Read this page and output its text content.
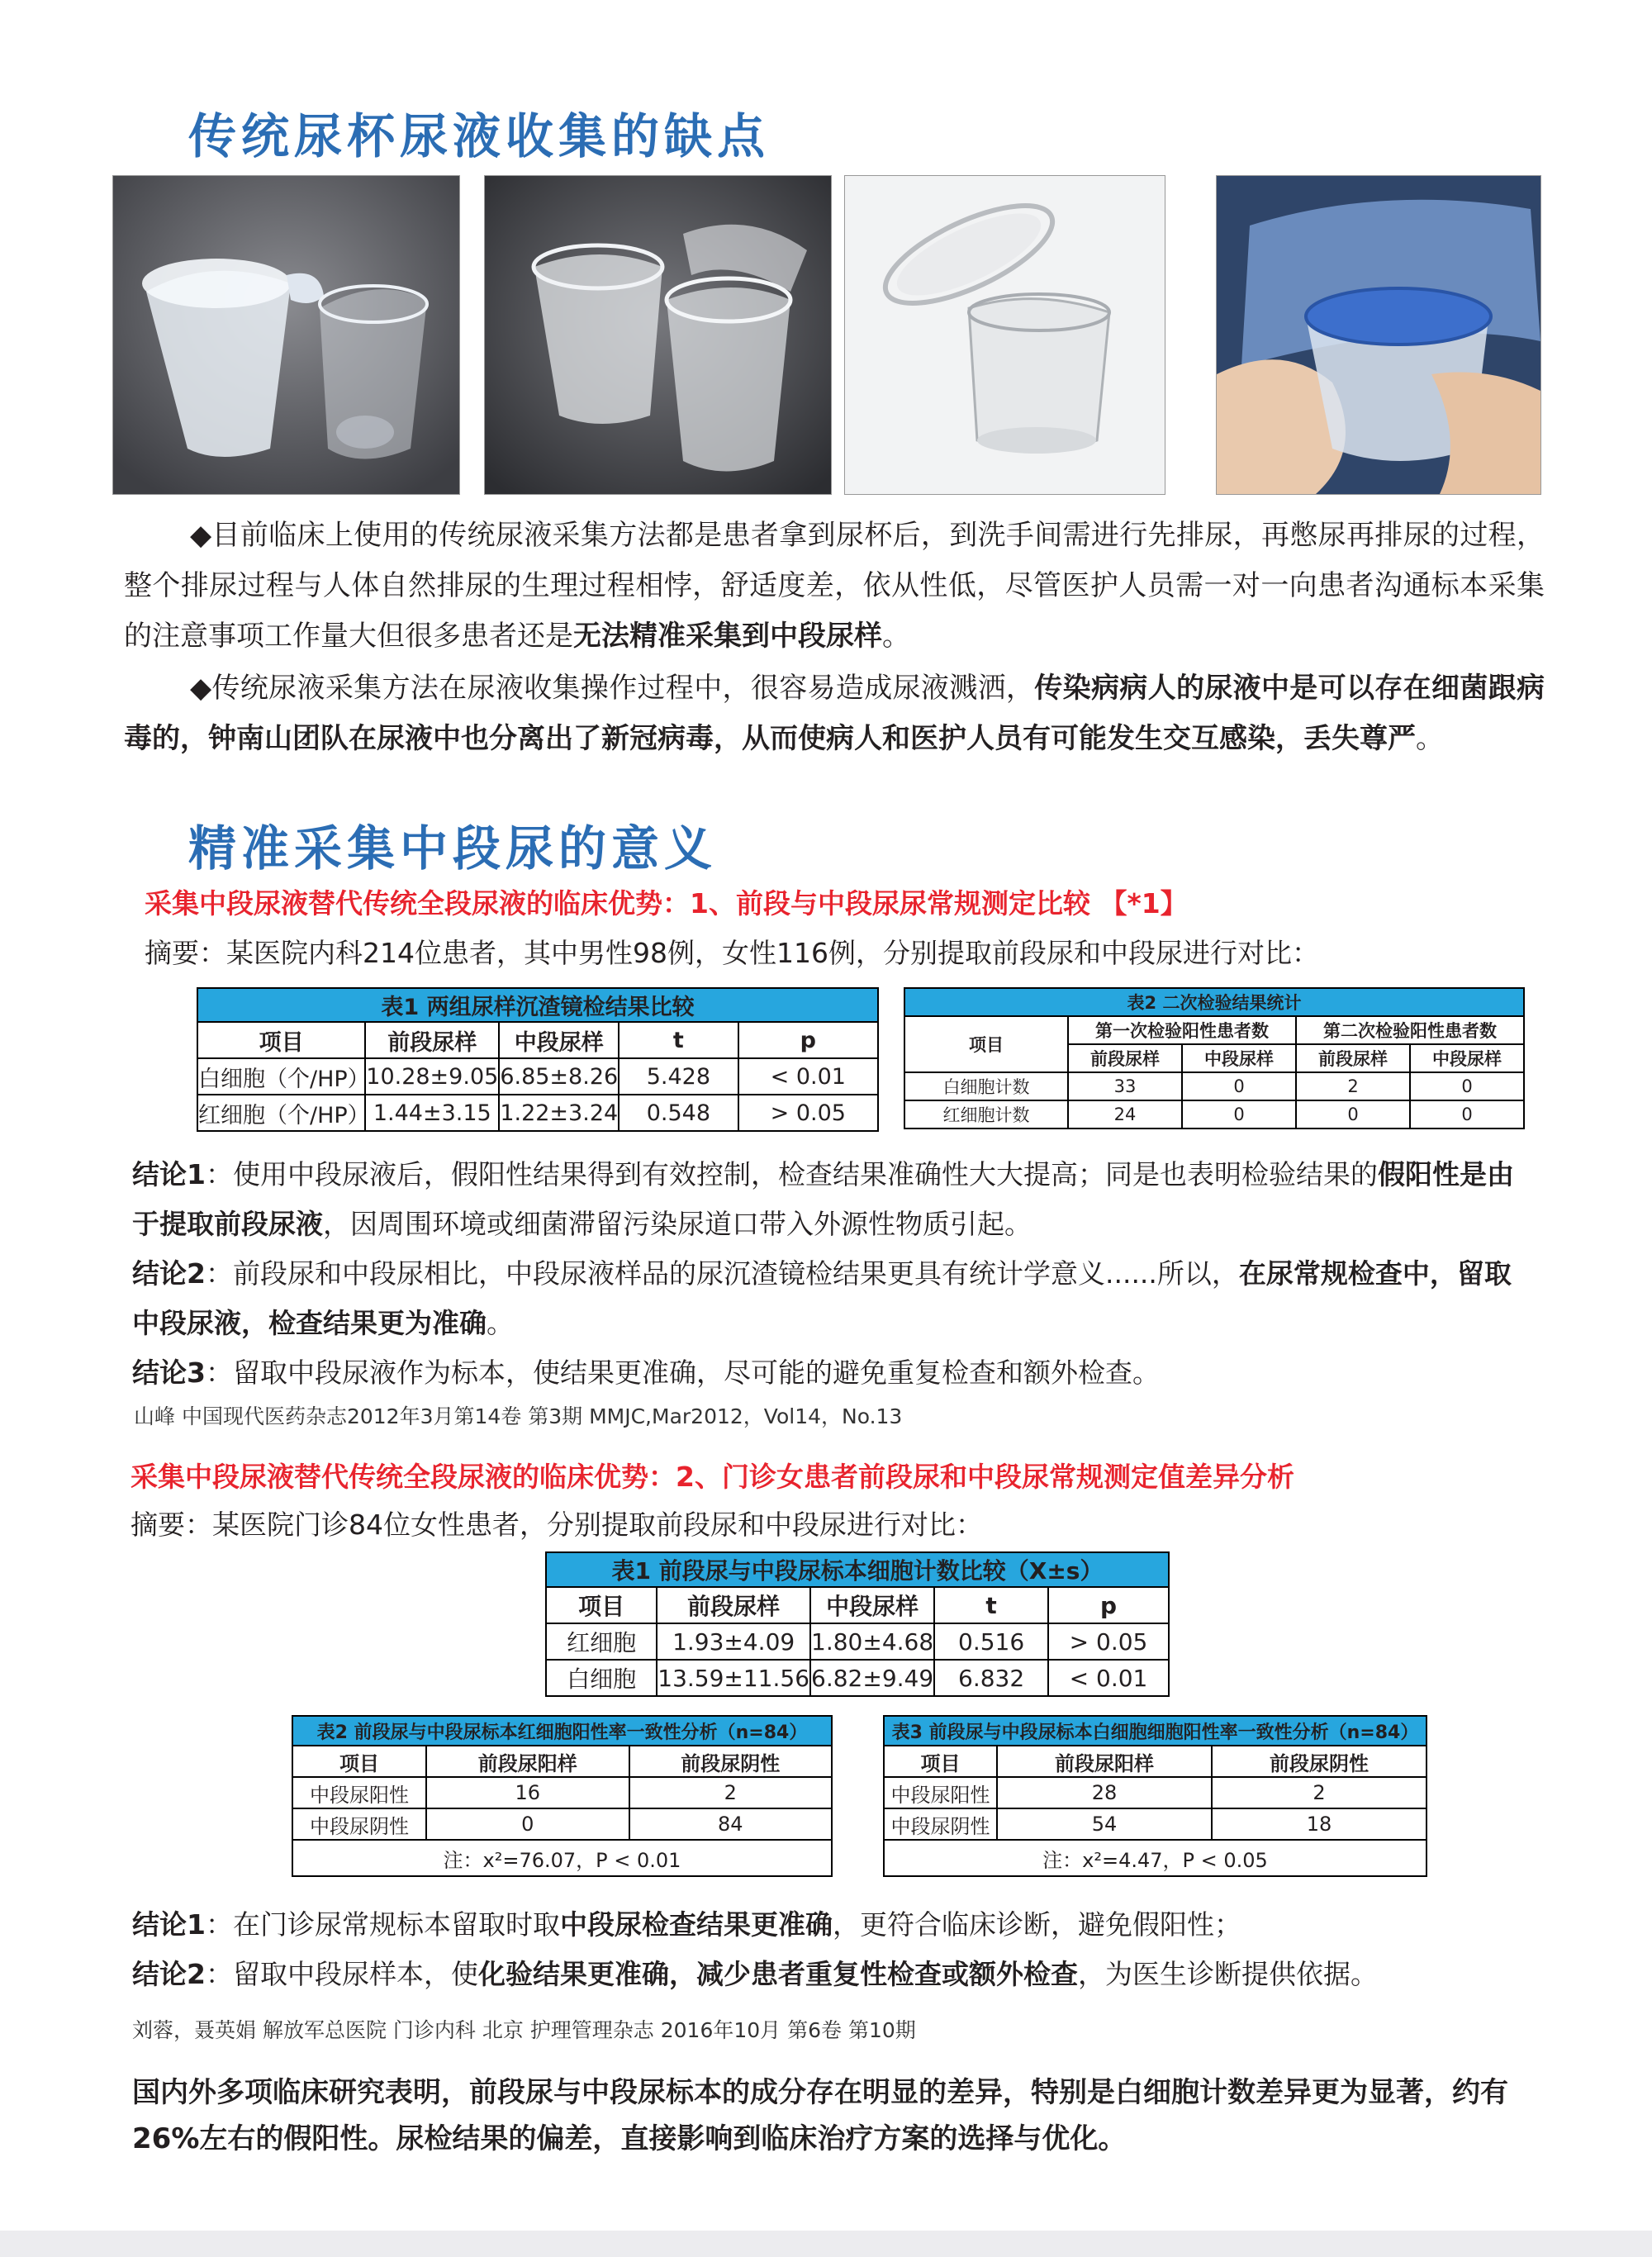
传统尿杯尿液收集的缺点
◆目前临床上使用的传统尿液采集方法都是患者拿到尿杯后，到洗手间需进行先排尿，再憋尿再排尿的过程，整个排尿过程与人体自然排尿的生理过程相悖，舒适度差，依从性低，尽管医护人员需一对一向患者沟通标本采集的注意事项工作量大但很多患者还是无法精准采集到中段尿样。
◆传统尿液采集方法在尿液收集操作过程中，很容易造成尿液溅洒，传染病病人的尿液中是可以存在细菌跟病毒的，钟南山团队在尿液中也分离出了新冠病毒，从而使病人和医护人员有可能发生交互感染，丢失尊严。
精准采集中段尿的意义
采集中段尿液替代传统全段尿液的临床优势：1、前段与中段尿尿常规测定比较 【*1】
摘要：某医院内科214位患者，其中男性98例，女性116例，分别提取前段尿和中段尿进行对比：
表1 两组尿样沉渣镜检结果比较				
项目	前段尿样	中段尿样	t	p
白细胞（个/HP）	10.28±9.05	6.85±8.26	5.428	< 0.01
红细胞（个/HP）	1.44±3.15	1.22±3.24	0.548	> 0.05
表2 二次检验结果统计				
项目	第一次检验阳性患者数		第二次检验阳性患者数	
	前段尿样	中段尿样	前段尿样	中段尿样
白细胞计数	33	0	2	0
红细胞计数	24	0	0	0
结论1：使用中段尿液后，假阳性结果得到有效控制，检查结果准确性大大提高；同是也表明检验结果的假阳性是由于提取前段尿液，因周围环境或细菌滞留污染尿道口带入外源性物质引起。
结论2：前段尿和中段尿相比，中段尿液样品的尿沉渣镜检结果更具有统计学意义......所以，在尿常规检查中，留取中段尿液，检查结果更为准确。
结论3：留取中段尿液作为标本，使结果更准确，尽可能的避免重复检查和额外检查。
山峰 中国现代医药杂志2012年3月第14卷 第3期 MMJC,Mar2012，Vol14，No.13
采集中段尿液替代传统全段尿液的临床优势：2、门诊女患者前段尿和中段尿常规测定值差异分析
摘要：某医院门诊84位女性患者，分别提取前段尿和中段尿进行对比：
表1 前段尿与中段尿标本细胞计数比较（X±s）				
项目	前段尿样	中段尿样	t	p
红细胞	1.93±4.09	1.80±4.68	0.516	> 0.05
白细胞	13.59±11.56	6.82±9.49	6.832	< 0.01
表2 前段尿与中段尿标本红细胞阳性率一致性分析（n=84）		
项目	前段尿阳样	前段尿阴性
中段尿阳性	16	2
中段尿阴性	0	84
注：x²=76.07，P < 0.01		
表3 前段尿与中段尿标本白细胞细胞阳性率一致性分析（n=84）		
项目	前段尿阳样	前段尿阴性
中段尿阳性	28	2
中段尿阴性	54	18
注：x²=4.47，P < 0.05		
结论1：在门诊尿常规标本留取时取中段尿检查结果更准确，更符合临床诊断，避免假阳性；
结论2：留取中段尿样本，使化验结果更准确，减少患者重复性检查或额外检查，为医生诊断提供依据。
刘蓉，聂英娟 解放军总医院 门诊内科 北京 护理管理杂志 2016年10月 第6卷 第10期
国内外多项临床研究表明，前段尿与中段尿标本的成分存在明显的差异，特别是白细胞计数差异更为显著，约有26%左右的假阳性。尿检结果的偏差，直接影响到临床治疗方案的选择与优化。
